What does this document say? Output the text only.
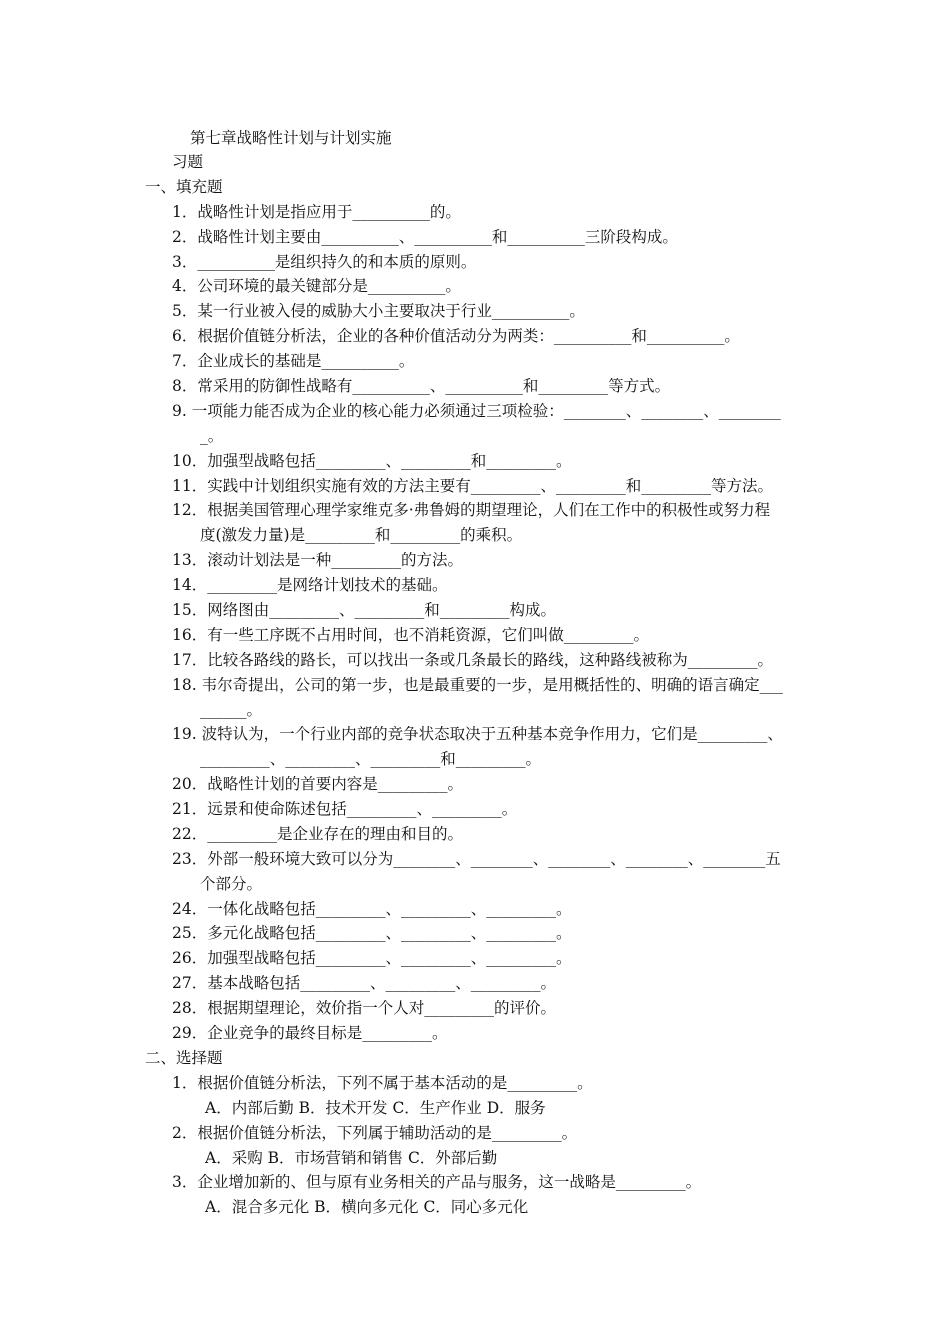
第七章战略性计划与计划实施
习题
一、填充题
1．战略性计划是指应用于__________的。
2．战略性计划主要由__________、__________和__________三阶段构成。
3．__________是组织持久的和本质的原则。
4．公司环境的最关键部分是__________。
5．某一行业被入侵的威胁大小主要取决于行业__________。
6．根据价值链分析法，企业的各种价值活动分为两类：__________和__________。
7．企业成长的基础是__________。
8．常采用的防御性战略有__________、__________和_________等方式。
9. 一项能力能否成为企业的核心能力必须通过三项检验：________、________、________
_。
10．加强型战略包括_________、_________和_________。
11．实践中计划组织实施有效的方法主要有_________、_________和_________等方法。
12．根据美国管理心理学家维克多·弗鲁姆的期望理论，人们在工作中的积极性或努力程
度(激发力量)是_________和_________的乘积。
13．滚动计划法是一种_________的方法。
14．_________是网络计划技术的基础。
15．网络图由_________、_________和_________构成。
16．有一些工序既不占用时间，也不消耗资源，它们叫做_________。
17．比较各路线的路长，可以找出一条或几条最长的路线，这种路线被称为_________。
18. 韦尔奇提出，公司的第一步，也是最重要的一步，是用概括性的、明确的语言确定___
______。
19. 波特认为，一个行业内部的竞争状态取决于五种基本竞争作用力，它们是_________、
_________、_________、_________和_________。
20．战略性计划的首要内容是_________。
21．远景和使命陈述包括_________、_________。
22．_________是企业存在的理由和目的。
23．外部一般环境大致可以分为________、________、________、________、________五
个部分。
24．一体化战略包括_________、_________、_________。
25．多元化战略包括_________、_________、_________。
26．加强型战略包括_________、_________、_________。
27．基本战略包括_________、_________、_________。
28．根据期望理论，效价指一个人对_________的评价。
29．企业竞争的最终目标是_________。
二、选择题
1．根据价值链分析法，下列不属于基本活动的是_________。
A．内部后勤 B．技术开发 C．生产作业 D．服务
2．根据价值链分析法，下列属于辅助活动的是_________。
A．采购 B．市场营销和销售 C．外部后勤
3．企业增加新的、但与原有业务相关的产品与服务，这一战略是_________。
A．混合多元化 B．横向多元化 C．同心多元化
